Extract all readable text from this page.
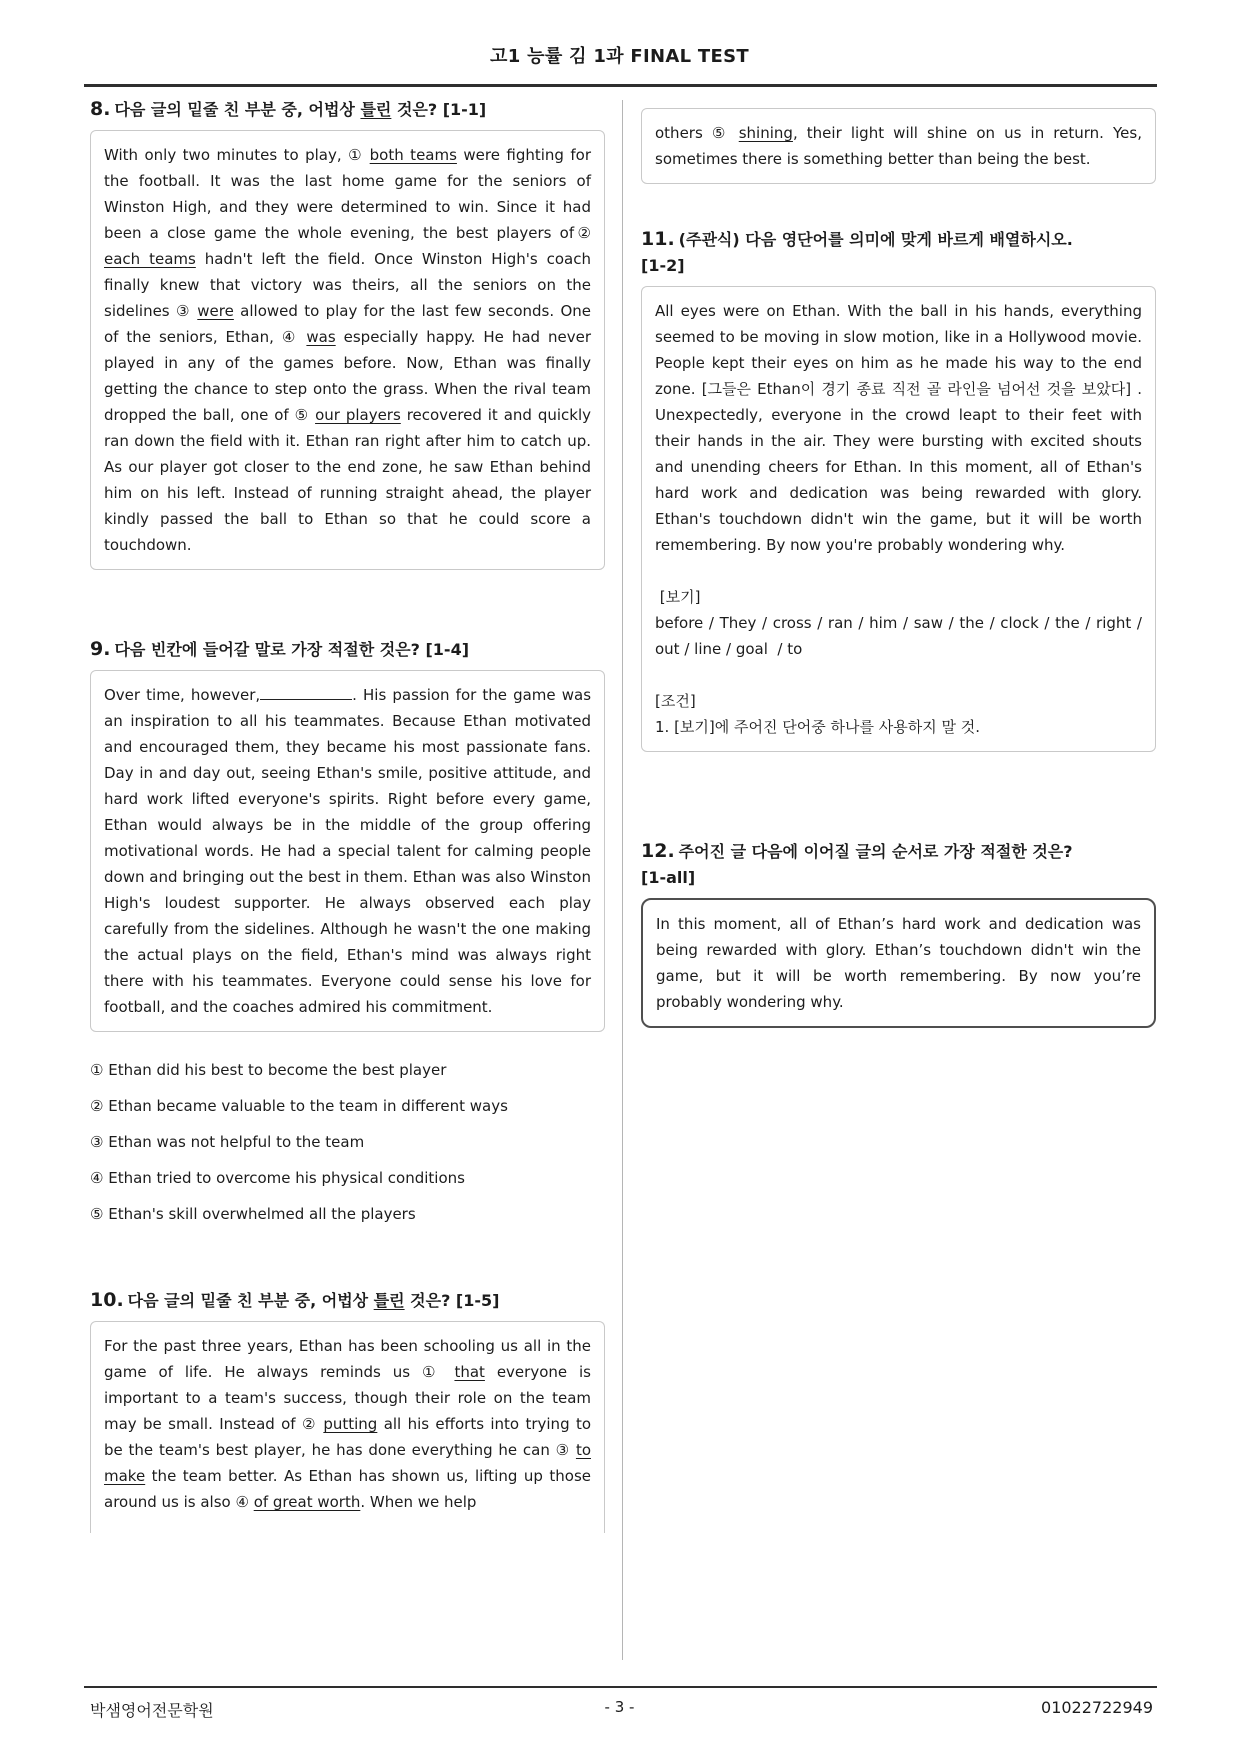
고1 능률 김 1과 FINAL TEST
8. 다음 글의 밑줄 친 부분 중, 어법상 틀린 것은? [1-1]
With only two minutes to play, ① both teams were fighting for the football. It was the last home game for the seniors of Winston High, and they were determined to win. Since it had been a close game the whole evening, the best players of② each teams hadn't left the field. Once Winston High's coach finally knew that victory was theirs, all the seniors on the sidelines ③ were allowed to play for the last few seconds. One of the seniors, Ethan, ④ was especially happy. He had never played in any of the games before. Now, Ethan was finally getting the chance to step onto the grass. When the rival team dropped the ball, one of ⑤ our players recovered it and quickly ran down the field with it. Ethan ran right after him to catch up. As our player got closer to the end zone, he saw Ethan behind him on his left. Instead of running straight ahead, the player kindly passed the ball to Ethan so that he could score a touchdown.
9. 다음 빈칸에 들어갈 말로 가장 적절한 것은? [1-4]
Over time, however,	. His passion for the game was an inspiration to all his teammates. Because Ethan motivated and encouraged them, they became his most passionate fans. Day in and day out, seeing Ethan's smile, positive attitude, and hard work lifted everyone's spirits. Right before every game, Ethan would always be in the middle of the group offering motivational words. He had a special talent for calming people down and bringing out the best in them. Ethan was also Winston High's loudest supporter. He always observed each play carefully from the sidelines. Although he wasn't the one making the actual plays on the field, Ethan's mind was always right there with his teammates. Everyone could sense his love for football, and the coaches admired his commitment.
① Ethan did his best to become the best player
② Ethan became valuable to the team in different ways
③ Ethan was not helpful to the team
④ Ethan tried to overcome his physical conditions
⑤ Ethan's skill overwhelmed all the players
10. 다음 글의 밑줄 친 부분 중, 어법상 틀린 것은? [1-5]
For the past three years, Ethan has been schooling us all in the game of life. He always reminds us ① that everyone is important to a team's success, though their role on the team may be small. Instead of ② putting all his efforts into trying to be the team's best player, he has done everything he can ③ to make the team better. As Ethan has shown us, lifting up those around us is also ④ of great worth. When we help
others ⑤ shining, their light will shine on us in return. Yes, sometimes there is something better than being the best.
11. (주관식) 다음 영단어를 의미에 맞게 바르게 배열하시오.
[1-2]
All eyes were on Ethan. With the ball in his hands, everything seemed to be moving in slow motion, like in a Hollywood movie. People kept their eyes on him as he made his way to the end zone. [그들은 Ethan이 경기 종료 직전 골 라인을 넘어선 것을 보았다] . Unexpectedly, everyone in the crowd leapt to their feet with their hands in the air. They were bursting with excited shouts and unending cheers for Ethan. In this moment, all of Ethan's hard work and dedication was being rewarded with glory. Ethan's touchdown didn't win the game, but it will be worth remembering. By now you're probably wondering why.

[보기]
before / They / cross / ran / him / saw / the / clock / the / right / out / line / goal  / to

[조건]
1. [보기]에 주어진 단어중 하나를 사용하지 말 것.
12. 주어진 글 다음에 이어질 글의 순서로 가장 적절한 것은?
[1-all]
In this moment, all of Ethan’s hard work and dedication was being rewarded with glory. Ethan’s touchdown didn't win the game, but it will be worth remembering. By now you’re probably wondering why.
- 3 -
박샘영어전문학원	01022722949
